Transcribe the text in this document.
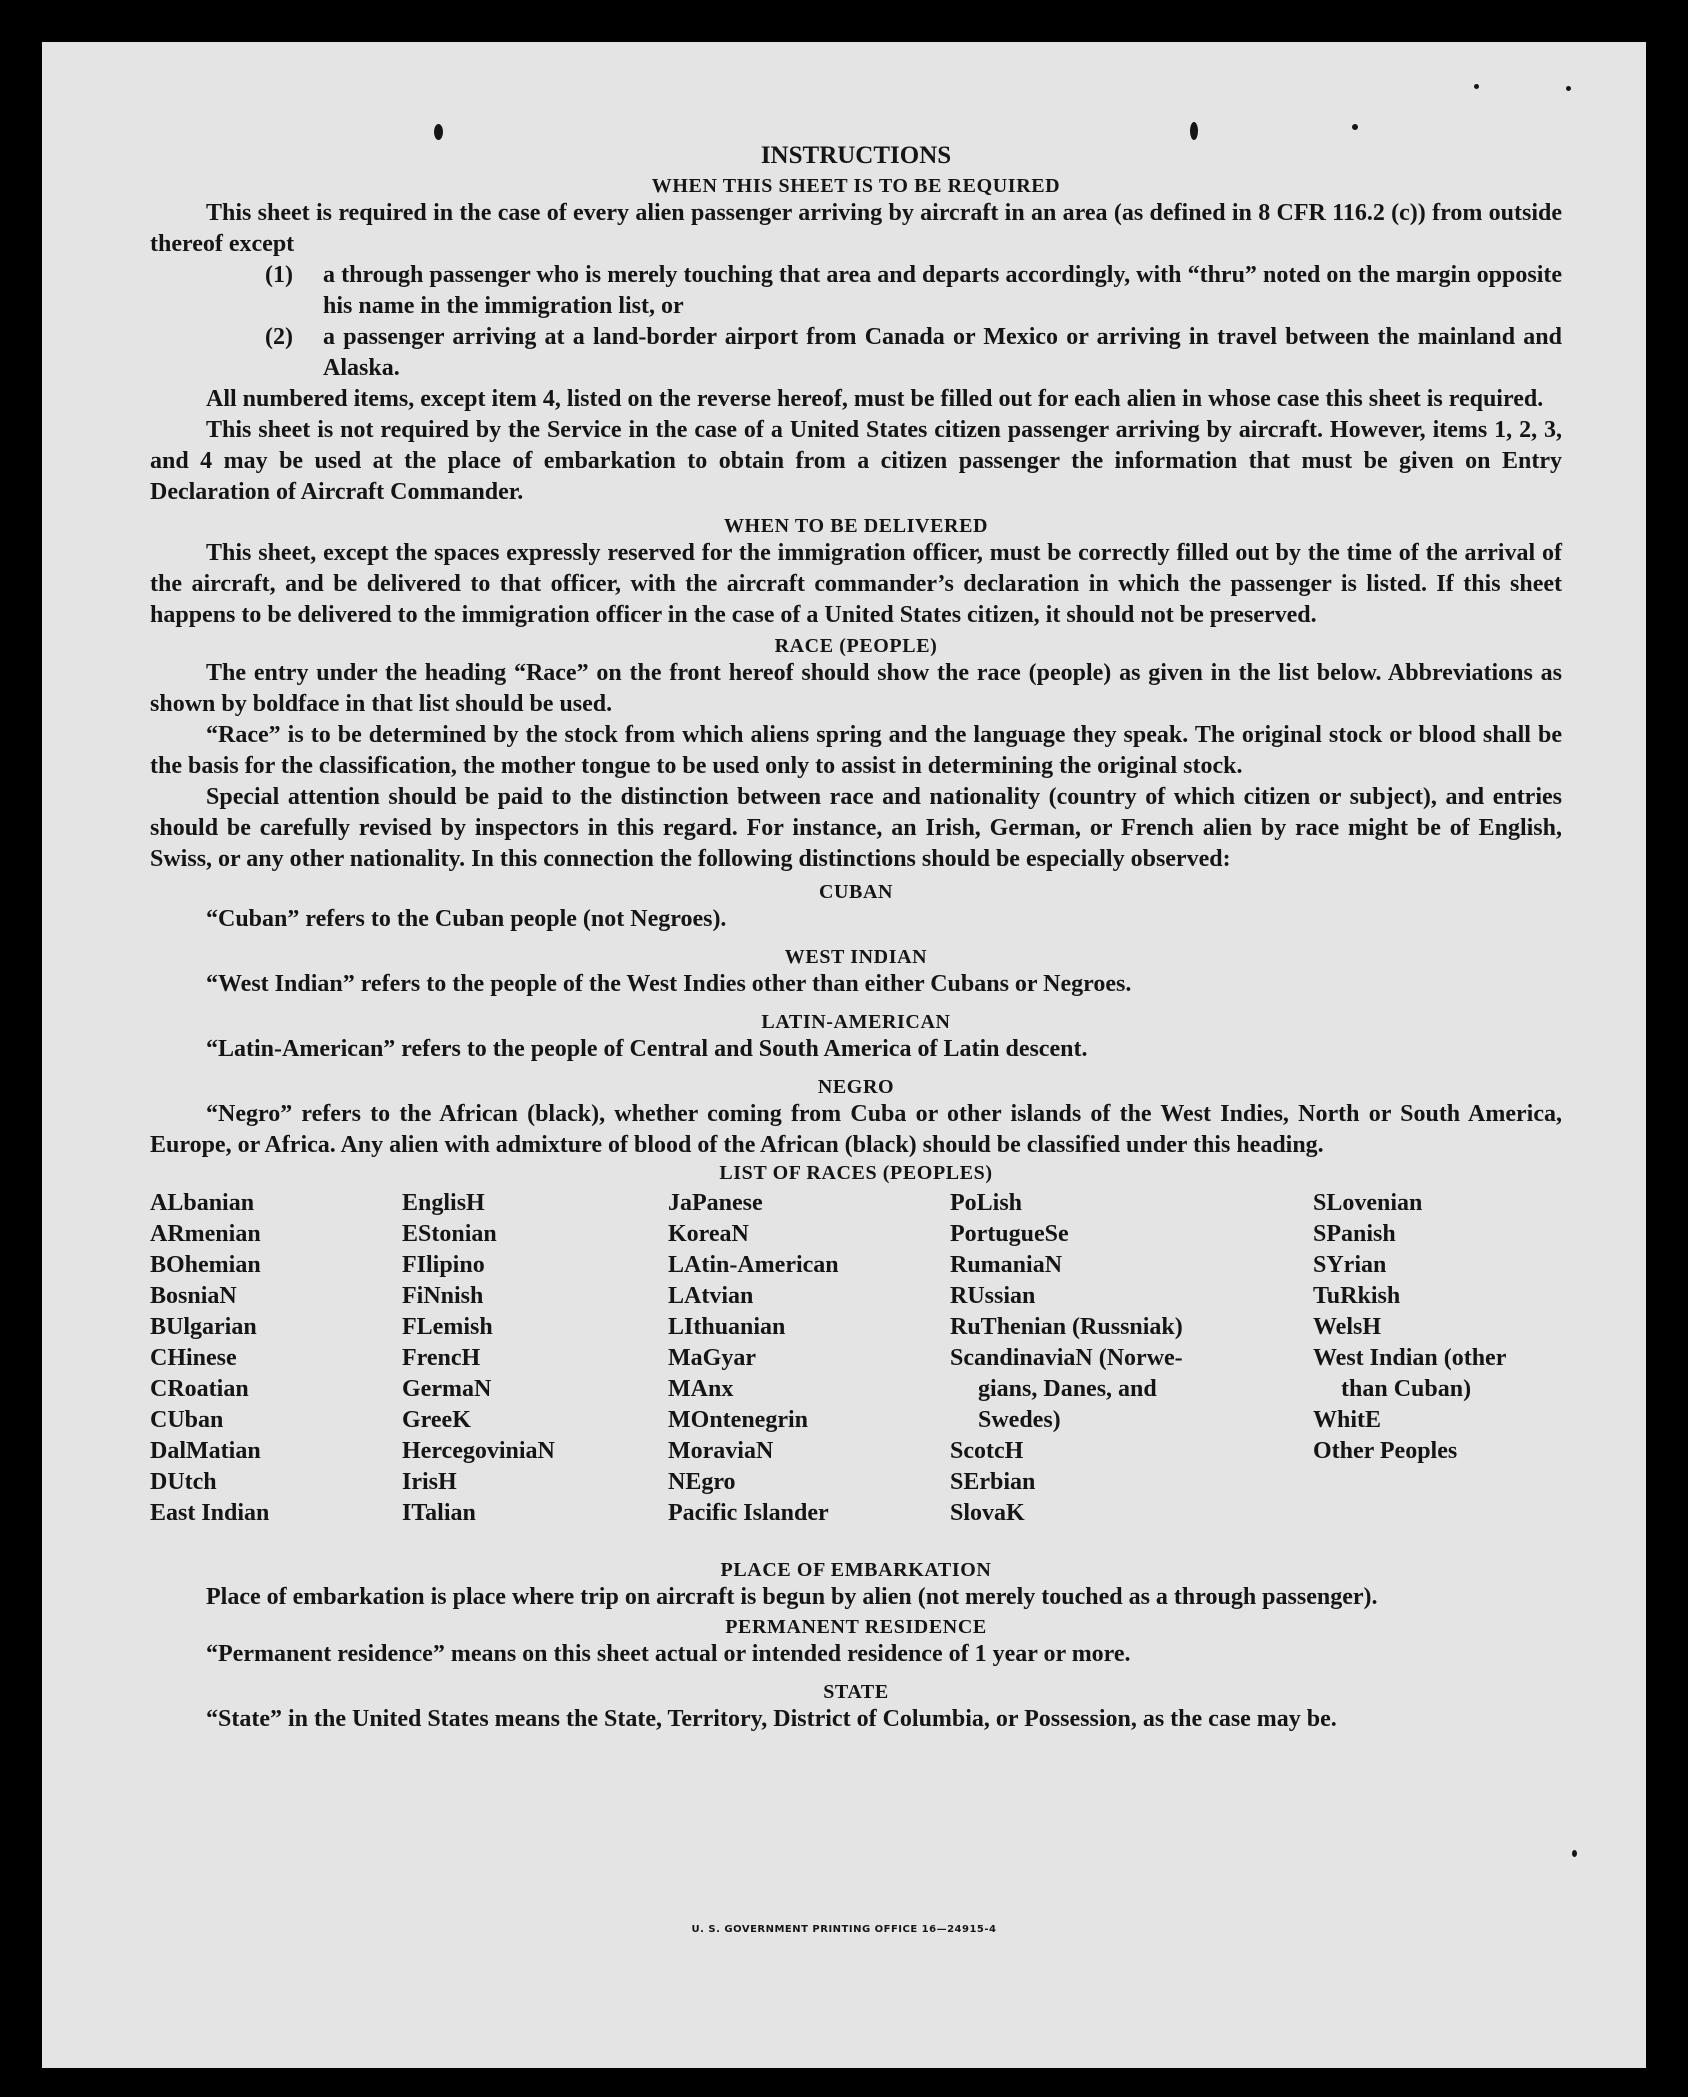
INSTRUCTIONS
WHEN THIS SHEET IS TO BE REQUIRED

This sheet is required in the case of every alien passenger arriving by aircraft in an area (as defined in 8 CFR 116.2 (c)) from outside thereof except

(1)	a through passenger who is merely touching that area and departs accordingly, with “thru” noted on the margin opposite his name in the immigration list, or
(2)	a passenger arriving at a land-border airport from Canada or Mexico or arriving in travel between the mainland and Alaska.

All numbered items, except item 4, listed on the reverse hereof, must be filled out for each alien in whose case this sheet is required.

This sheet is not required by the Service in the case of a United States citizen passenger arriving by aircraft. However, items 1, 2, 3, and 4 may be used at the place of embarkation to obtain from a citizen passenger the information that must be given on Entry Declaration of Aircraft Commander.

WHEN TO BE DELIVERED

This sheet, except the spaces expressly reserved for the immigration officer, must be correctly filled out by the time of the arrival of the aircraft, and be delivered to that officer, with the aircraft commander’s declaration in which the passenger is listed. If this sheet happens to be delivered to the immigration officer in the case of a United States citizen, it should not be preserved.

RACE (PEOPLE)

The entry under the heading “Race” on the front hereof should show the race (people) as given in the list below. Abbreviations as shown by boldface in that list should be used.

“Race” is to be determined by the stock from which aliens spring and the language they speak. The original stock or blood shall be the basis for the classification, the mother tongue to be used only to assist in determining the original stock.

Special attention should be paid to the distinction between race and nationality (country of which citizen or subject), and entries should be carefully revised by inspectors in this regard. For instance, an Irish, German, or French alien by race might be of English, Swiss, or any other nationality. In this connection the following distinctions should be especially observed:

CUBAN
“Cuban” refers to the Cuban people (not Negroes).
WEST INDIAN
“West Indian” refers to the people of the West Indies other than either Cubans or Negroes.
LATIN-AMERICAN
“Latin-American” refers to the people of Central and South America of Latin descent.
NEGRO

“Negro” refers to the African (black), whether coming from Cuba or other islands of the West Indies, North or South America, Europe, or Africa. Any alien with admixture of blood of the African (black) should be classified under this heading.

LIST OF RACES (PEOPLES)
ALbanian
ARmenian
BOhemian
BosniaN
BUlgarian
CHinese
CRoatian
CUban
DalMatian
DUtch
East Indian
EnglisH
EStonian
FIlipino
FiNnish
FLemish
FrencH
GermaN
GreeK
HercegoviniaN
IrisH
ITalian
JaPanese
KoreaN
LAtin-American
LAtvian
LIthuanian
MaGyar
MAnx
MOntenegrin
MoraviaN
NEgro
Pacific Islander
PoLish
PortugueSe
RumaniaN
RUssian
RuThenian (Russniak)
ScandinaviaN (Norwe-
gians, Danes, and
Swedes)
ScotcH
SErbian
SlovaK
SLovenian
SPanish
SYrian
TuRkish
WelsH
West Indian (other
than Cuban)
WhitE
Other Peoples
PLACE OF EMBARKATION

Place of embarkation is place where trip on aircraft is begun by alien (not merely touched as a through passenger).

PERMANENT RESIDENCE
“Permanent residence” means on this sheet actual or intended residence of 1 year or more.
STATE

“State” in the United States means the State, Territory, District of Columbia, or Possession, as the case may be.

U. S. GOVERNMENT PRINTING OFFICE 16—24915-4
